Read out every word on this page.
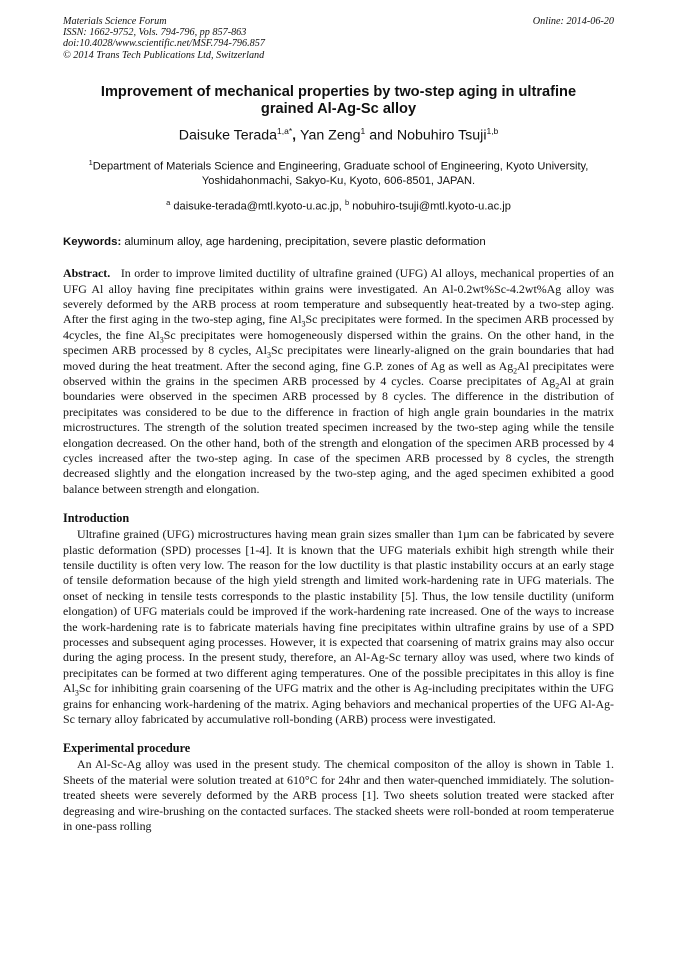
Materials Science Forum
ISSN: 1662-9752, Vols. 794-796, pp 857-863
doi:10.4028/www.scientific.net/MSF.794-796.857
© 2014 Trans Tech Publications Ltd, Switzerland
Online: 2014-06-20
Improvement of mechanical properties by two-step aging in ultrafine grained Al-Ag-Sc alloy
Daisuke Terada$^{1,a*}$, Yan Zeng$^1$ and Nobuhiro Tsuji$^{1,b}$
$^1$Department of Materials Science and Engineering, Graduate school of Engineering, Kyoto University, Yoshidahonmachi, Sakyo-Ku, Kyoto, 606-8501, JAPAN.
$^a$ daisuke-terada@mtl.kyoto-u.ac.jp, $^b$ nobuhiro-tsuji@mtl.kyoto-u.ac.jp
Keywords: aluminum alloy, age hardening, precipitation, severe plastic deformation
Abstract. In order to improve limited ductility of ultrafine grained (UFG) Al alloys, mechanical properties of an UFG Al alloy having fine precipitates within grains were investigated. An Al-0.2wt%Sc-4.2wt%Ag alloy was severely deformed by the ARB process at room temperature and subsequently heat-treated by a two-step aging. After the first aging in the two-step aging, fine $Al_3Sc$ precipitates were formed. In the specimen ARB processed by 4cycles, the fine $Al_3Sc$ precipitates were homogeneously dispersed within the grains. On the other hand, in the specimen ARB processed by 8 cycles, $Al_3Sc$ precipitates were linearly-aligned on the grain boundaries that had moved during the heat treatment. After the second aging, fine G.P. zones of Ag as well as $Ag_2Al$ precipitates were observed within the grains in the specimen ARB processed by 4 cycles. Coarse precipitates of $Ag_2Al$ at grain boundaries were observed in the specimen ARB processed by 8 cycles. The difference in the distribution of precipitates was considered to be due to the difference in fraction of high angle grain boundaries in the matrix microstructures. The strength of the solution treated specimen increased by the two-step aging while the tensile elongation decreased. On the other hand, both of the strength and elongation of the specimen ARB processed by 4 cycles increased after the two-step aging. In case of the specimen ARB processed by 8 cycles, the strength decreased slightly and the elongation increased by the two-step aging, and the aged specimen exhibited a good balance between strength and elongation.
Introduction
Ultrafine grained (UFG) microstructures having mean grain sizes smaller than 1µm can be fabricated by severe plastic deformation (SPD) processes [1-4]. It is known that the UFG materials exhibit high strength while their tensile ductility is often very low. The reason for the low ductility is that plastic instability occurs at an early stage of tensile deformation because of the high yield strength and limited work-hardening rate in UFG materials. The onset of necking in tensile tests corresponds to the plastic instability [5]. Thus, the low tensile ductility (uniform elongation) of UFG materials could be improved if the work-hardening rate increased. One of the ways to increase the work-hardening rate is to fabricate materials having fine precipitates within ultrafine grains by use of a SPD processes and subsequent aging processes. However, it is expected that coarsening of matrix grains may also occur during the aging process. In the present study, therefore, an Al-Ag-Sc ternary alloy was used, where two kinds of precipitates can be formed at two different aging temperatures. One of the possible precipitates in this alloy is fine $Al_3Sc$ for inhibiting grain coarsening of the UFG matrix and the other is Ag-including precipitates within the UFG grains for enhancing work-hardening of the matrix. Aging behaviors and mechanical properties of the UFG Al-Ag-Sc ternary alloy fabricated by accumulative roll-bonding (ARB) process were investigated.
Experimental procedure
An Al-Sc-Ag alloy was used in the present study. The chemical compositon of the alloy is shown in Table 1. Sheets of the material were solution treated at 610°C for 24hr and then water-quenched immidiately. The solution-treated sheets were severely deformed by the ARB process [1]. Two sheets solution treated were stacked after degreasing and wire-brushing on the contacted surfaces. The stacked sheets were roll-bonded at room temperaterue in one-pass rolling
